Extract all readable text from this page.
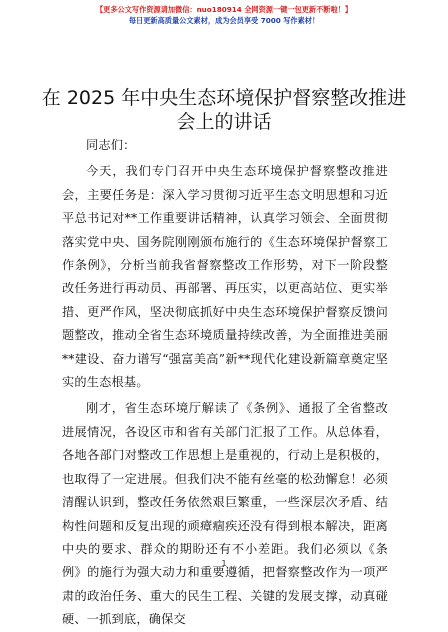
【更多公文写作资源请加微信：nuo180914 全网资源一键一包更新不断啦！】
每日更新高质量公文素材，成为会员享受 7000 写作素材！
在 2025 年中央生态环境保护督察整改推进会上的讲话

同志们：

今天，我们专门召开中央生态环境保护督察整改推进会，主要任务是：深入学习贯彻习近平生态文明思想和习近平总书记对**工作重要讲话精神，认真学习领会、全面贯彻落实党中央、国务院刚刚颁布施行的《生态环境保护督察工作条例》，分析当前我省督察整改工作形势，对下一阶段整改任务进行再动员、再部署、再压实，以更高站位、更实举措、更严作风，坚决彻底抓好中央生态环境保护督察反馈问题整改，推动全省生态环境质量持续改善，为全面推进美丽**建设、奋力谱写“强富美高”新**现代化建设新篇章奠定坚实的生态根基。

刚才，省生态环境厅解读了《条例》、通报了全省整改进展情况，各设区市和省有关部门汇报了工作。从总体看，各地各部门对整改工作思想上是重视的，行动上是积极的，也取得了一定进展。但我们决不能有丝毫的松劲懈怠！必须清醒认识到，整改任务依然艰巨繁重，一些深层次矛盾、结构性问题和反复出现的顽瘴痼疾还没有得到根本解决，距离中央的要求、群众的期盼还有不小差距。我们必须以《条例》的施行为强大动力和重要遵循，把督察整改作为一项严肃的政治任务、重大的民生工程、关键的发展支撑，动真碰硬、一抓到底，确保交

1
